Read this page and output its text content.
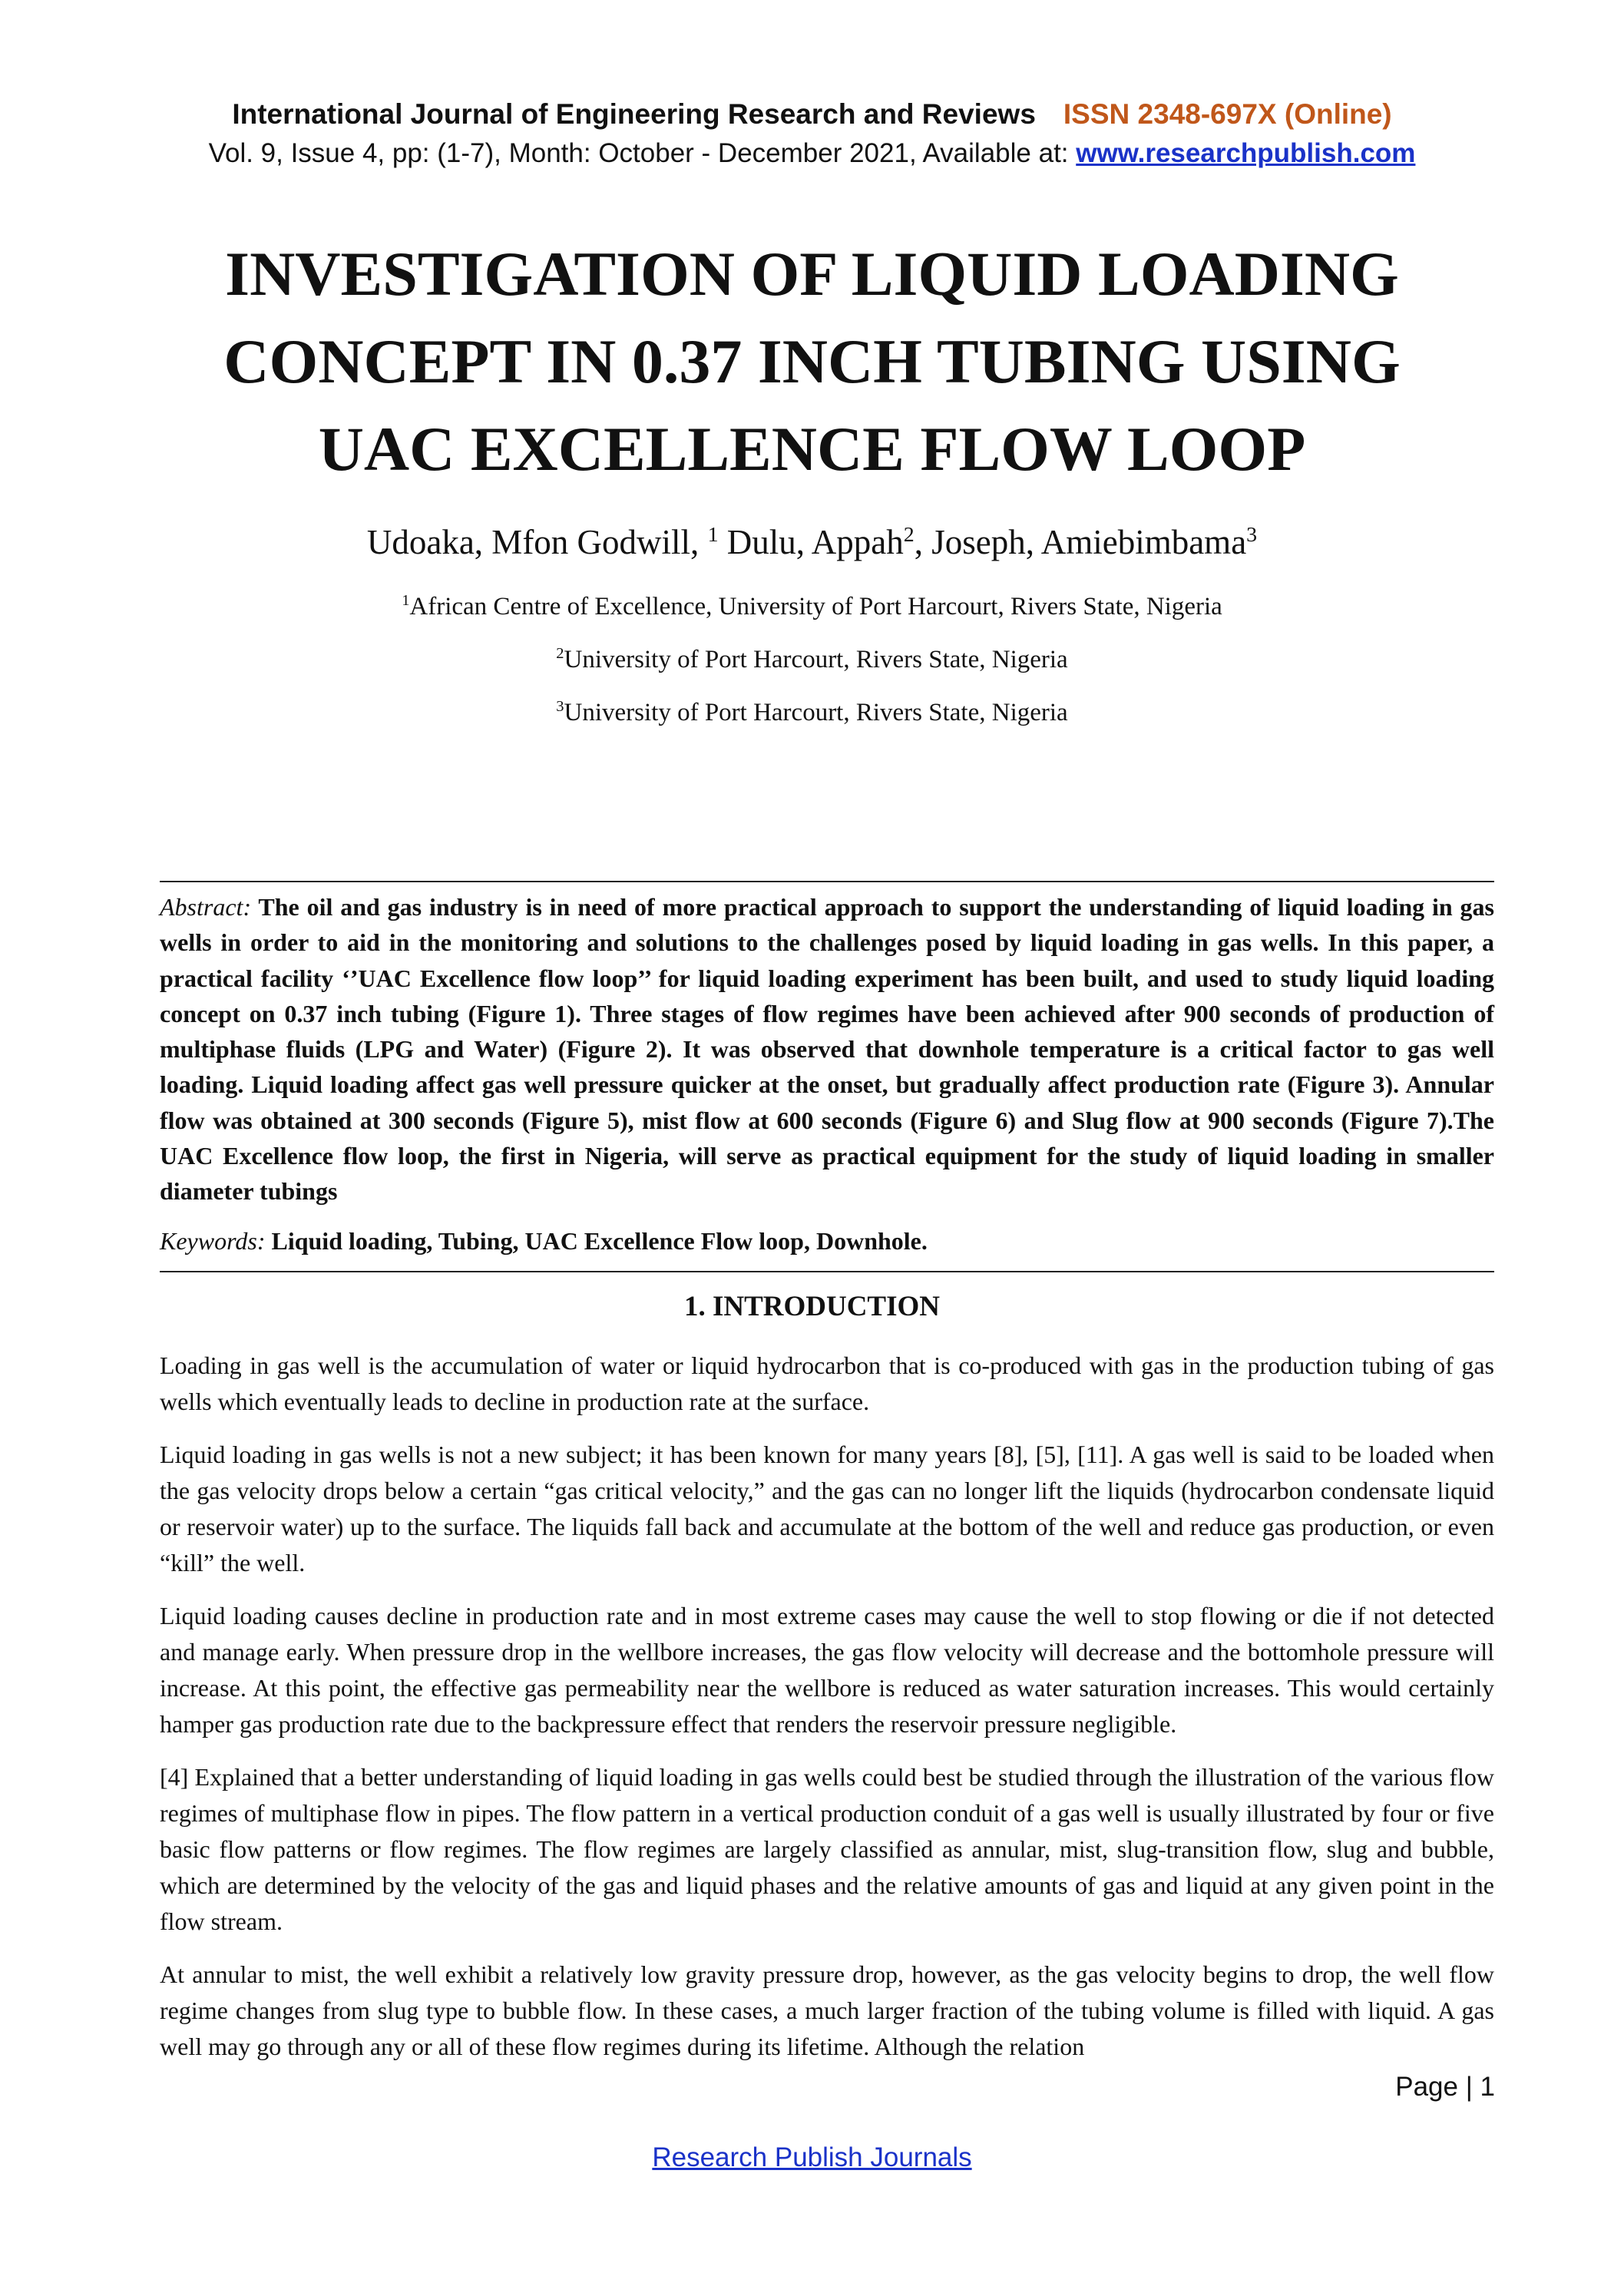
International Journal of Engineering Research and Reviews ISSN 2348-697X (Online)
Vol. 9, Issue 4, pp: (1-7), Month: October - December 2021, Available at: www.researchpublish.com
INVESTIGATION OF LIQUID LOADING
CONCEPT IN 0.37 INCH TUBING USING
UAC EXCELLENCE FLOW LOOP
Udoaka, Mfon Godwill, $^1$ Dulu, Appah$^2$, Joseph, Amiebimbama$^3$
$^1$African Centre of Excellence, University of Port Harcourt, Rivers State, Nigeria
$^2$University of Port Harcourt, Rivers State, Nigeria
$^3$University of Port Harcourt, Rivers State, Nigeria
Abstract: The oil and gas industry is in need of more practical approach to support the understanding of liquid loading in gas wells in order to aid in the monitoring and solutions to the challenges posed by liquid loading in gas wells. In this paper, a practical facility ‘’UAC Excellence flow loop’’ for liquid loading experiment has been built, and used to study liquid loading concept on 0.37 inch tubing (Figure 1). Three stages of flow regimes have been achieved after 900 seconds of production of multiphase fluids (LPG and Water) (Figure 2). It was observed that downhole temperature is a critical factor to gas well loading. Liquid loading affect gas well pressure quicker at the onset, but gradually affect production rate (Figure 3). Annular flow was obtained at 300 seconds (Figure 5), mist flow at 600 seconds (Figure 6) and Slug flow at 900 seconds (Figure 7).The UAC Excellence flow loop, the first in Nigeria, will serve as practical equipment for the study of liquid loading in smaller diameter tubings
Keywords: Liquid loading, Tubing, UAC Excellence Flow loop, Downhole.
1. INTRODUCTION

Loading in gas well is the accumulation of water or liquid hydrocarbon that is co-produced with gas in the production tubing of gas wells which eventually leads to decline in production rate at the surface.

Liquid loading in gas wells is not a new subject; it has been known for many years [8], [5], [11]. A gas well is said to be loaded when the gas velocity drops below a certain “gas critical velocity,” and the gas can no longer lift the liquids (hydrocarbon condensate liquid or reservoir water) up to the surface. The liquids fall back and accumulate at the bottom of the well and reduce gas production, or even “kill” the well.

Liquid loading causes decline in production rate and in most extreme cases may cause the well to stop flowing or die if not detected and manage early. When pressure drop in the wellbore increases, the gas flow velocity will decrease and the bottomhole pressure will increase. At this point, the effective gas permeability near the wellbore is reduced as water saturation increases. This would certainly hamper gas production rate due to the backpressure effect that renders the reservoir pressure negligible.

[4] Explained that a better understanding of liquid loading in gas wells could best be studied through the illustration of the various flow regimes of multiphase flow in pipes. The flow pattern in a vertical production conduit of a gas well is usually illustrated by four or five basic flow patterns or flow regimes. The flow regimes are largely classified as annular, mist, slug-transition flow, slug and bubble, which are determined by the velocity of the gas and liquid phases and the relative amounts of gas and liquid at any given point in the flow stream.

At annular to mist, the well exhibit a relatively low gravity pressure drop, however, as the gas velocity begins to drop, the well flow regime changes from slug type to bubble flow. In these cases, a much larger fraction of the tubing volume is filled with liquid. A gas well may go through any or all of these flow regimes during its lifetime. Although the relation

Page | 1
Research Publish Journals
